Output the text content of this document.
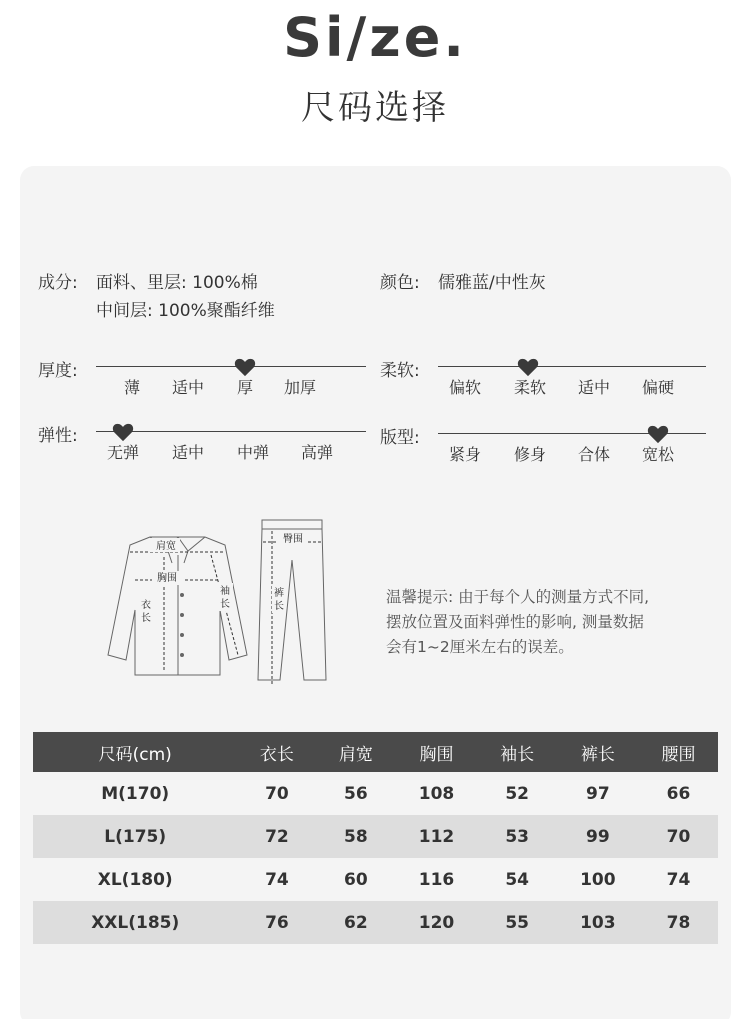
Si/ze.
尺码选择
成分: 面料、里层: 100%棉
中间层: 100%聚酯纤维
颜色: 儒雅蓝/中性灰
厚度:
薄 适中 厚 加厚
柔软:
偏软 柔软 适中 偏硬
弹性:
无弹 适中 中弹 高弹
版型:
紧身 修身 合体 宽松
肩宽
胸围
衣
长
袖
长
臀围
裤
长
温馨提示: 由于每个人的测量方式不同,
摆放位置及面料弹性的影响, 测量数据
会有1~2厘米左右的误差。
尺码(cm)	衣长	肩宽	胸围	袖长	裤长	腰围
M(170)	70	56	108	52	97	66
L(175)	72	58	112	53	99	70
XL(180)	74	60	116	54	100	74
XXL(185)	76	62	120	55	103	78
